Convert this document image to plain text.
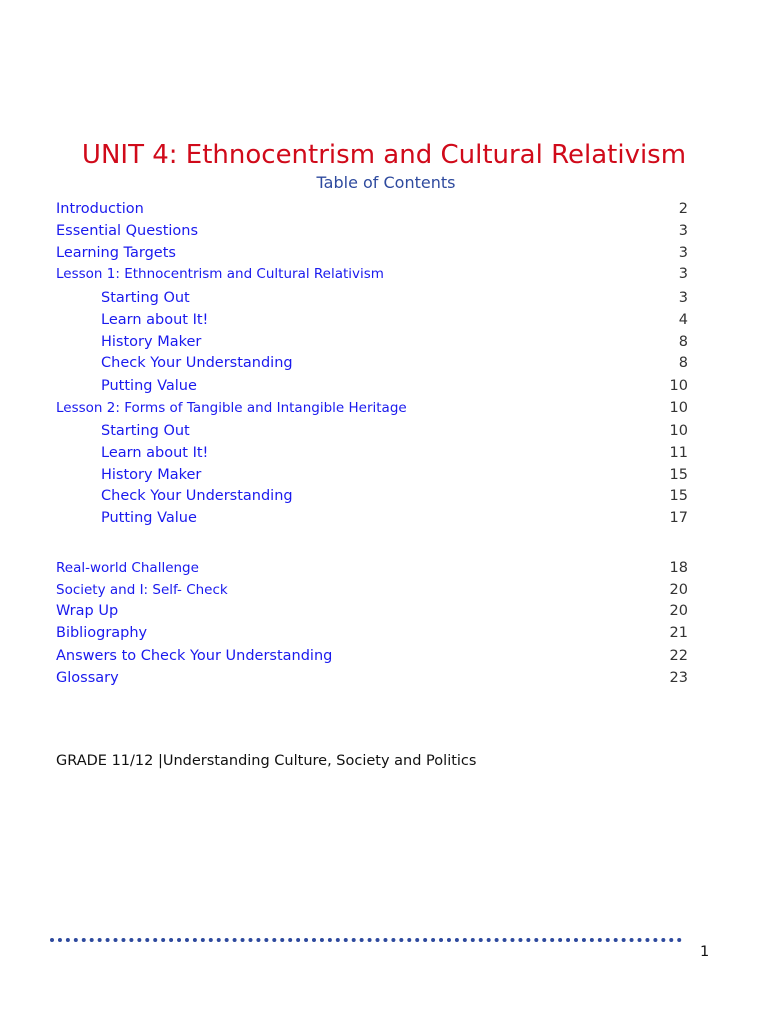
UNIT 4: Ethnocentrism and Cultural Relativism
Table of Contents
Introduction	2
Essential Questions	3
Learning Targets	3
Lesson 1: Ethnocentrism and Cultural Relativism	3
Starting Out	3
Learn about It!	4
History Maker	8
Check Your Understanding	8
Putting Value	10
Lesson 2: Forms of Tangible and Intangible Heritage	10
Starting Out	10
Learn about It!	11
History Maker	15
Check Your Understanding	15
Putting Value	17
Real-world Challenge	18
Society and I: Self- Check	20
Wrap Up	20
Bibliography	21
Answers to Check Your Understanding	22
Glossary	23
GRADE 11/12 |Understanding Culture, Society and Politics
1
